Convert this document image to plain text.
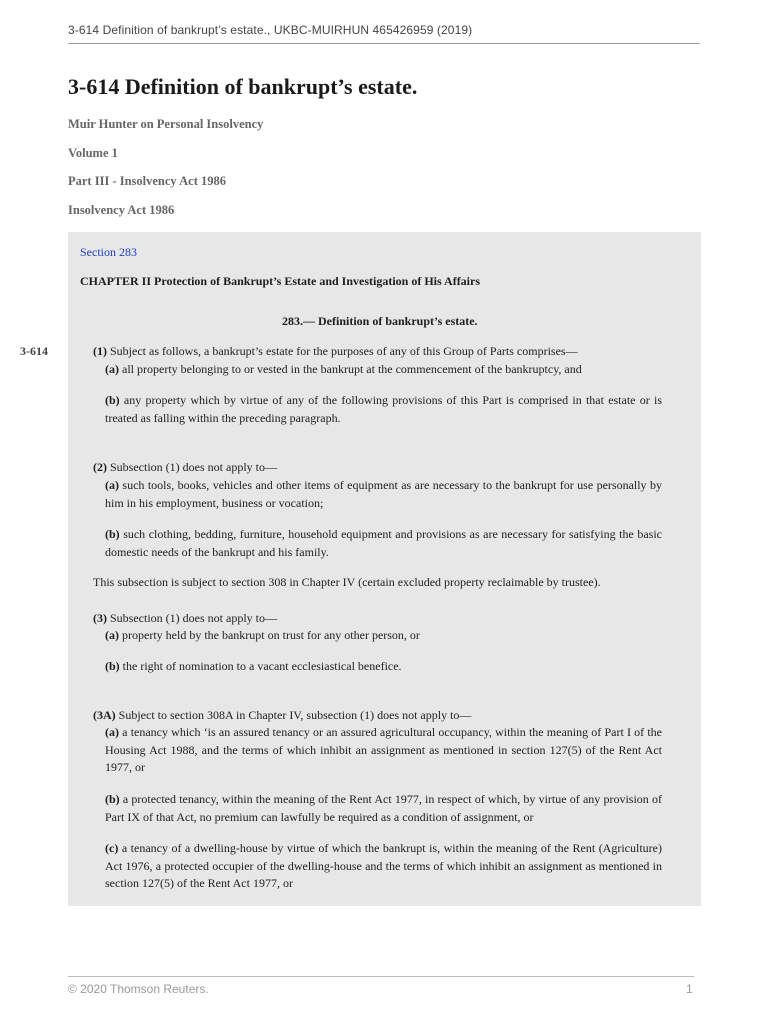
3-614 Definition of bankrupt’s estate., UKBC-MUIRHUN 465426959 (2019)
3-614 Definition of bankrupt’s estate.
Muir Hunter on Personal Insolvency
Volume 1
Part III - Insolvency Act 1986
Insolvency Act 1986
Section 283
CHAPTER II Protection of Bankrupt’s Estate and Investigation of His Affairs
283.— Definition of bankrupt’s estate.
3-614	(1) Subject as follows, a bankrupt’s estate for the purposes of any of this Group of Parts comprises—
(a) all property belonging to or vested in the bankrupt at the commencement of the bankruptcy, and
(b) any property which by virtue of any of the following provisions of this Part is comprised in that estate or is treated as falling within the preceding paragraph.
(2) Subsection (1) does not apply to—
(a) such tools, books, vehicles and other items of equipment as are necessary to the bankrupt for use personally by him in his employment, business or vocation;
(b) such clothing, bedding, furniture, household equipment and provisions as are necessary for satisfying the basic domestic needs of the bankrupt and his family.
This subsection is subject to section 308 in Chapter IV (certain excluded property reclaimable by trustee).
(3) Subsection (1) does not apply to—
(a) property held by the bankrupt on trust for any other person, or
(b) the right of nomination to a vacant ecclesiastical benefice.
(3A) Subject to section 308A in Chapter IV, subsection (1) does not apply to—
(a) a tenancy which ‘is an assured tenancy or an assured agricultural occupancy, within the meaning of Part I of the Housing Act 1988, and the terms of which inhibit an assignment as mentioned in section 127(5) of the Rent Act 1977, or
(b) a protected tenancy, within the meaning of the Rent Act 1977, in respect of which, by virtue of any provision of Part IX of that Act, no premium can lawfully be required as a condition of assignment, or
(c) a tenancy of a dwelling-house by virtue of which the bankrupt is, within the meaning of the Rent (Agriculture) Act 1976, a protected occupier of the dwelling-house and the terms of which inhibit an assignment as mentioned in section 127(5) of the Rent Act 1977, or
© 2020 Thomson Reuters.	1
